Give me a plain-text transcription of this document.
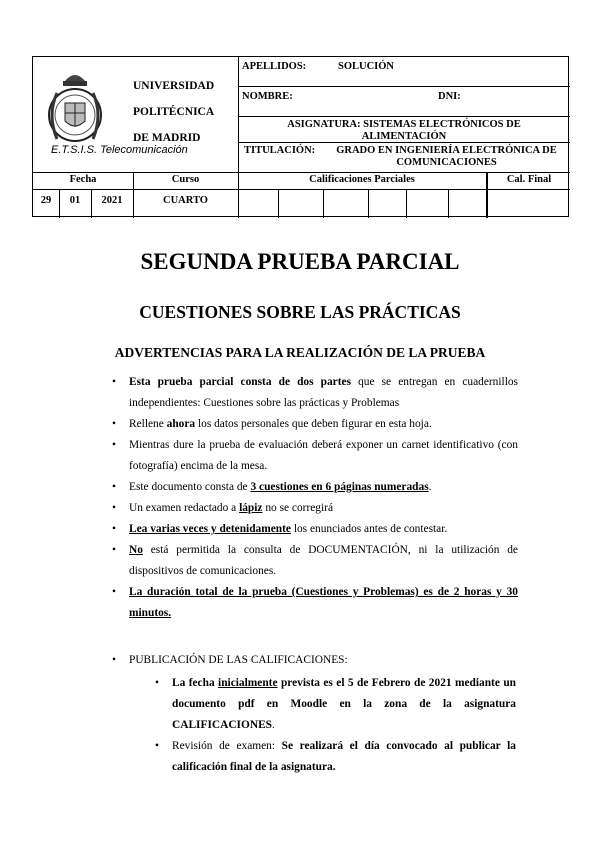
UNIVERSIDAD
POLITÉCNICA
DE MADRID
E.T.S.I.S. Telecomunicación
APELLIDOS:	SOLUCIÓN
NOMBRE:	DNI:
ASIGNATURA: SISTEMAS ELECTRÓNICOS DE
ALIMENTACIÓN
TITULACIÓN:	GRADO EN INGENIERÍA ELECTRÓNICA DE
COMUNICACIONES
Fecha	Curso	Calificaciones Parciales	Cal. Final
29	01	2021	CUARTO
SEGUNDA PRUEBA PARCIAL
CUESTIONES SOBRE LAS PRÁCTICAS
ADVERTENCIAS PARA LA REALIZACIÓN DE LA PRUEBA
• Esta prueba parcial consta de dos partes que se entregan en cuadernillos independientes: Cuestiones sobre las prácticas y Problemas
• Rellene ahora los datos personales que deben figurar en esta hoja.
• Mientras dure la prueba de evaluación deberá exponer un carnet identificativo (con fotografía) encima de la mesa.
• Este documento consta de 3 cuestiones en 6 páginas numeradas.
• Un examen redactado a lápiz no se corregirá
• Lea varias veces y detenidamente los enunciados antes de contestar.
• No está permitida la consulta de DOCUMENTACIÓN, ni la utilización de dispositivos de comunicaciones.
• La duración total de la prueba (Cuestiones y Problemas) es de 2 horas y 30 minutos.
• PUBLICACIÓN DE LAS CALIFICACIONES:
• La fecha inicialmente prevista es el 5 de Febrero de 2021 mediante un documento pdf en Moodle en la zona de la asignatura CALIFICACIONES.
• Revisión de examen: Se realizará el día convocado al publicar la calificación final de la asignatura.
